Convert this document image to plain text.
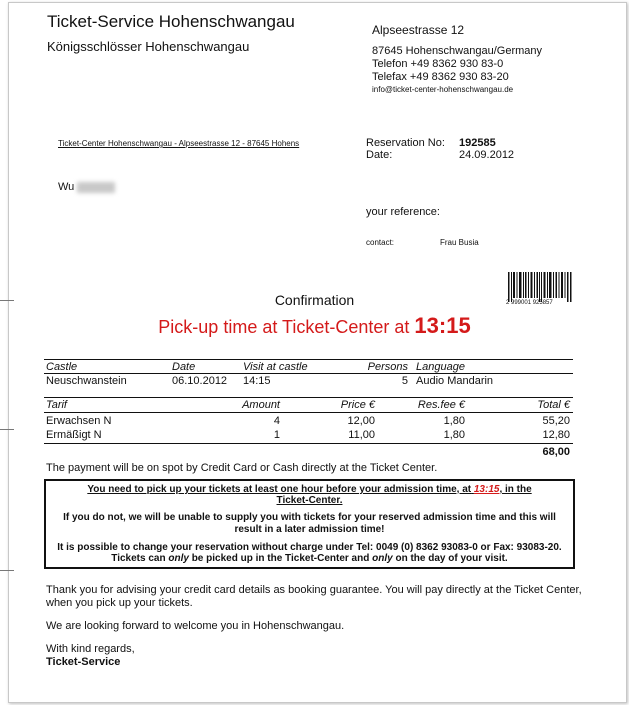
Ticket-Service Hohenschwangau
Königsschlösser Hohenschwangau
Alpseestrasse 12
87645 Hohenschwangau/Germany
Telefon +49 8362 930 83-0
Telefax +49 8362 930 83-20
info@ticket-center-hohenschwangau.de
Ticket-Center Hohenschwangau - Alpseestrasse 12 - 87645 Hohens
Wu
Reservation No: 192585
Date:	24.09.2012
your reference:
contact:	Frau Busia
2 999001 925857
Confirmation
Pick-up time at Ticket-Center at 13:15
Castle	Date	Visit at castle	Persons Language
Neuschwanstein	06.10.2012 14:15	5 Audio Mandarin
Tarif	Amount	Price €	Res.fee €	Total €
Erwachsen N	4	12,00	1,80	55,20
Ermäßigt N	1	11,00	1,80	12,80
68,00
The payment will be on spot by Credit Card or Cash directly at the Ticket Center.

You need to pick up your tickets at least one hour before your admission time, at 13:15, in the

Ticket-Center.

If you do not, we will be unable to supply you with tickets for your reserved admission time and this will result in a later admission time!

It is possible to change your reservation without charge under Tel: 0049 (0) 8362 93083-0 or Fax: 93083-20.

Tickets can only be picked up in the Ticket-Center and only on the day of your visit.

Thank you for advising your credit card details as booking guarantee. You will pay directly at the Ticket Center,
when you pick up your tickets.
We are looking forward to welcome you in Hohenschwangau.
With kind regards,
Ticket-Service
